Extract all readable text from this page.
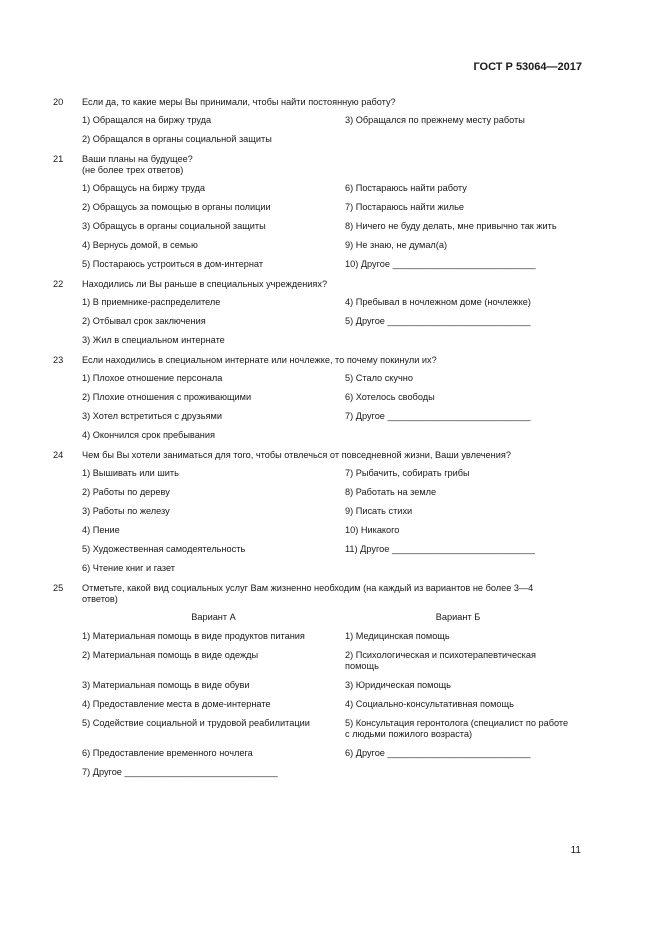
ГОСТ Р 53064—2017
20	Если да, то какие меры Вы принимали, чтобы найти постоянную работу?
1) Обращался на биржу труда	3) Обращался по прежнему месту работы
2) Обращался в органы социальной защиты
21	Ваши планы на будущее?
(не более трех ответов)
1) Обращусь на биржу труда	6) Постараюсь найти работу
2) Обращусь за помощью в органы полиции	7) Постараюсь найти жилье
3) Обращусь в органы социальной защиты	8) Ничего не буду делать, мне привычно так жить
4) Вернусь домой, в семью	9) Не знаю, не думал(а)
5) Постараюсь устроиться в дом-интернат	10) Другое ____________________________
22	Находились ли Вы раньше в специальных учреждениях?
1) В приемнике-распределителе	4) Пребывал в ночлежном доме (ночлежке)
2) Отбывал срок заключения	5) Другое ____________________________
3) Жил в специальном интернате
23	Если находились в специальном интернате или ночлежке, то почему покинули их?
1) Плохое отношение персонала	5) Стало скучно
2) Плохие отношения с проживающими	6) Хотелось свободы
3) Хотел встретиться с друзьями	7) Другое ____________________________
4) Окончился срок пребывания
24	Чем бы Вы хотели заниматься для того, чтобы отвлечься от повседневной жизни, Ваши увлечения?
1) Вышивать или шить	7) Рыбачить, собирать грибы
2) Работы по дереву	8) Работать на земле
3) Работы по железу	9) Писать стихи
4) Пение	10) Никакого
5) Художественная самодеятельность	11) Другое ____________________________
6) Чтение книг и газет
25	Отметьте, какой вид социальных услуг Вам жизненно необходим (на каждый из вариантов не более 3—4 ответов)
Вариант А	Вариант Б
1) Материальная помощь в виде продуктов питания	1) Медицинская помощь
2) Материальная помощь в виде одежды	2) Психологическая и психотерапевтическая помощь
3) Материальная помощь в виде обуви	3) Юридическая помощь
4) Предоставление места в доме-интернате	4) Социально-консультативная помощь
5) Содействие социальной и трудовой реабилитации	5) Консультация геронтолога (специалист по работе с людьми пожилого возраста)
6) Предоставление временного ночлега	6) Другое ____________________________
7) Другое ______________________________
11
